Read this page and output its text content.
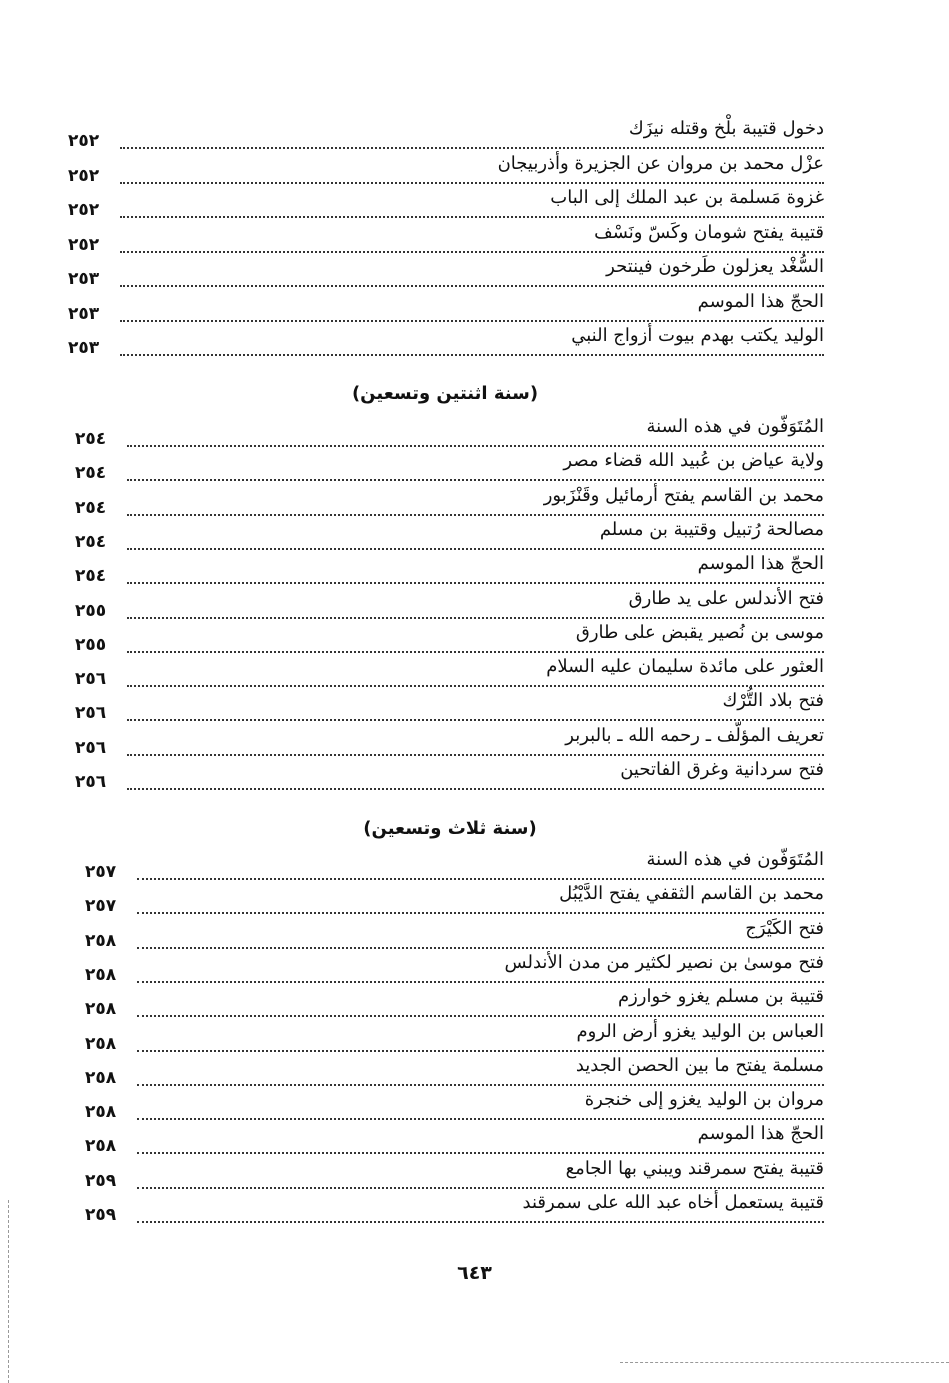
دخول قتيبة بلْخ وقتله نيزَك
٢٥٢
عزْل محمد بن مروان عن الجزيرة وأذربيجان
٢٥٢
غزوة مَسلمة بن عبد الملك إلى الباب
٢٥٢
قتيبة يفتح شومان وكَسّ ونَسْف
٢٥٢
السُّغْد يعزلون طَرخون فينتحر
٢٥٣
الحجّ هذا الموسم
٢٥٣
الوليد يكتب بهدم بيوت أزواج النبي
٢٥٣
(سنة اثنتين وتسعين)
المُتَوَفّون في هذه السنة
٢٥٤
ولاية عياض بن عُبيد الله قضاء مصر
٢٥٤
محمد بن القاسم يفتح أرمائيل وقَنْزَبور
٢٥٤
مصالحة رُتبيل وقتيبة بن مسلم
٢٥٤
الحجّ هذا الموسم
٢٥٤
فتح الأندلس على يد طارق
٢٥٥
موسى بن نُصير يقبض على طارق
٢٥٥
العثور على مائدة سليمان عليه السلام
٢٥٦
فتح بلاد التُّرْك
٢٥٦
تعريف المؤلّف ـ رحمه الله ـ بالبربر
٢٥٦
فتح سردانية وغرق الفاتحين
٢٥٦
(سنة ثلاث وتسعين)
المُتَوَفّون في هذه السنة
٢٥٧
محمد بن القاسم الثقفي يفتح الدَّيْبُل
٢٥٧
فتح الكَيْرَج
٢٥٨
فتح موسىٰ بن نصير لكثير من مدن الأندلس
٢٥٨
قتيبة بن مسلم يغزو خوارزم
٢٥٨
العباس بن الوليد يغزو أرض الروم
٢٥٨
مسلمة يفتح ما بين الحصن الجديد
٢٥٨
مروان بن الوليد يغزو إلى خنجرة
٢٥٨
الحجّ هذا الموسم
٢٥٨
قتيبة يفتح سمرقند ويبني بها الجامع
٢٥٩
قتيبة يستعمل أخاه عبد الله على سمرقند
٢٥٩
٦٤٣
